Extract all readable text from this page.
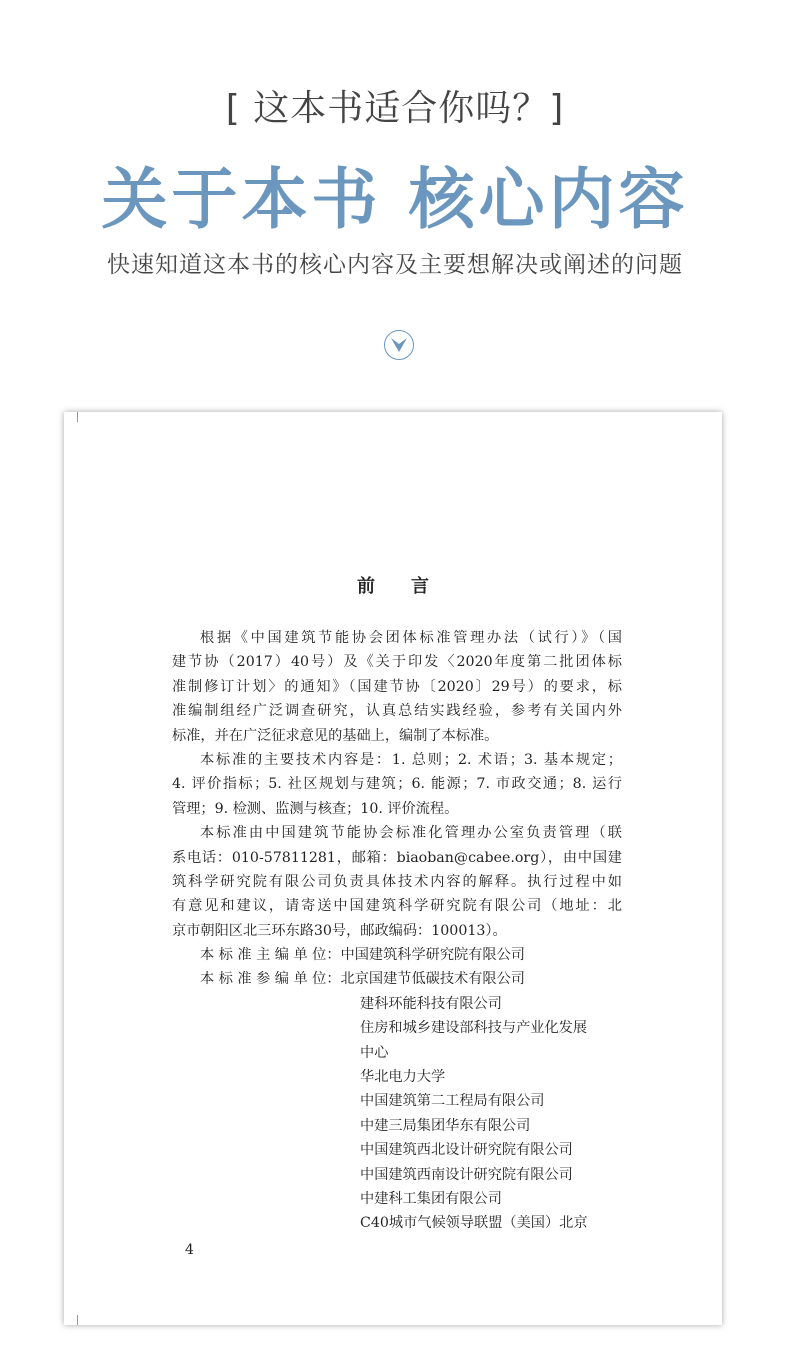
[ 这本书适合你吗？]
关于本书 核心内容
快速知道这本书的核心内容及主要想解决或阐述的问题
前　　言
根据《中国建筑节能协会团体标准管理办法（试行）》（国
建节协（2017）40号）及《关于印发〈2020年度第二批团体标
准制修订计划〉的通知》（国建节协〔2020〕29号）的要求，标
准编制组经广泛调查研究，认真总结实践经验，参考有关国内外
标准，并在广泛征求意见的基础上，编制了本标准。
本标准的主要技术内容是：1. 总则；2. 术语；3. 基本规定；
4. 评价指标；5. 社区规划与建筑；6. 能源；7. 市政交通；8. 运行
管理；9. 检测、监测与核查；10. 评价流程。
本标准由中国建筑节能协会标准化管理办公室负责管理（联
系电话：010-57811281，邮箱：biaoban@cabee.org），由中国建
筑科学研究院有限公司负责具体技术内容的解释。执行过程中如
有意见和建议，请寄送中国建筑科学研究院有限公司（地址：北
京市朝阳区北三环东路30号，邮政编码：100013）。
本 标 准 主 编 单 位：中国建筑科学研究院有限公司
本 标 准 参 编 单 位：北京国建节低碳技术有限公司
建科环能科技有限公司
住房和城乡建设部科技与产业化发展
中心
华北电力大学
中国建筑第二工程局有限公司
中建三局集团华东有限公司
中国建筑西北设计研究院有限公司
中国建筑西南设计研究院有限公司
中建科工集团有限公司
C40城市气候领导联盟（美国）北京
4
